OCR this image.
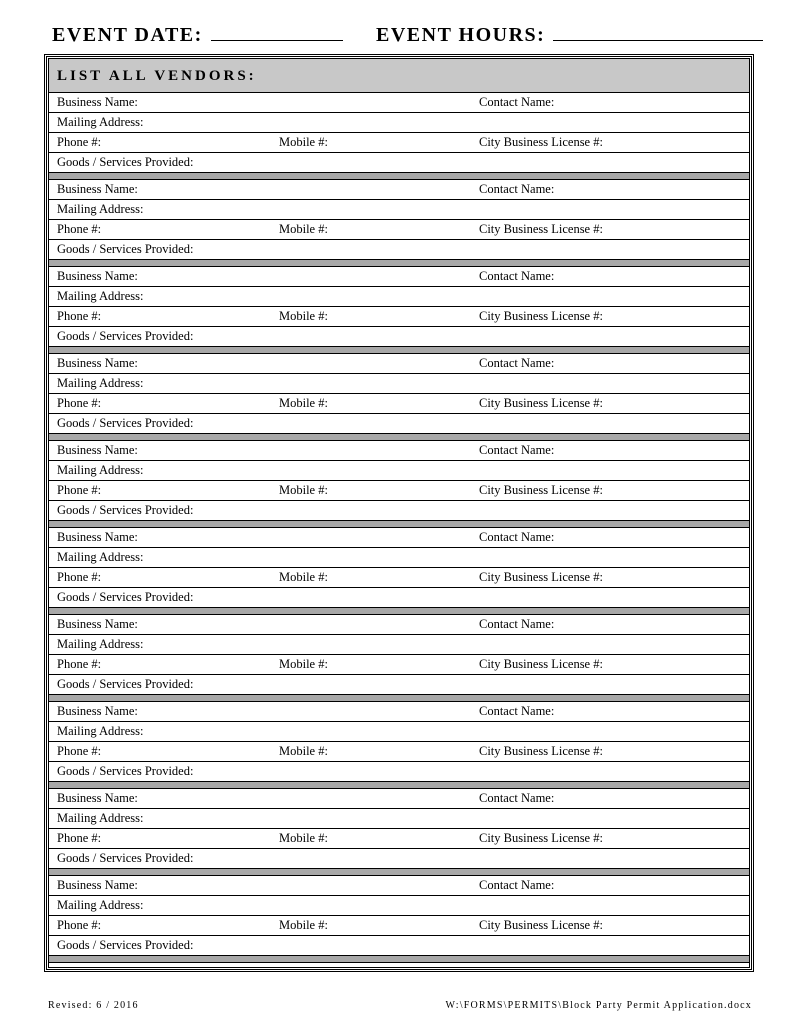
EVENT DATE:	EVENT HOURS:
LIST ALL VENDORS:
Business Name:	Contact Name:
Mailing Address:
Phone #:	Mobile #:	City Business License #:
Goods / Services Provided:
Business Name:	Contact Name:
Mailing Address:
Phone #:	Mobile #:	City Business License #:
Goods / Services Provided:
Business Name:	Contact Name:
Mailing Address:
Phone #:	Mobile #:	City Business License #:
Goods / Services Provided:
Business Name:	Contact Name:
Mailing Address:
Phone #:	Mobile #:	City Business License #:
Goods / Services Provided:
Business Name:	Contact Name:
Mailing Address:
Phone #:	Mobile #:	City Business License #:
Goods / Services Provided:
Business Name:	Contact Name:
Mailing Address:
Phone #:	Mobile #:	City Business License #:
Goods / Services Provided:
Business Name:	Contact Name:
Mailing Address:
Phone #:	Mobile #:	City Business License #:
Goods / Services Provided:
Business Name:	Contact Name:
Mailing Address:
Phone #:	Mobile #:	City Business License #:
Goods / Services Provided:
Business Name:	Contact Name:
Mailing Address:
Phone #:	Mobile #:	City Business License #:
Goods / Services Provided:
Business Name:	Contact Name:
Mailing Address:
Phone #:	Mobile #:	City Business License #:
Goods / Services Provided:
Revised: 6 / 2016	W:\FORMS\PERMITS\Block Party Permit Application.docx
